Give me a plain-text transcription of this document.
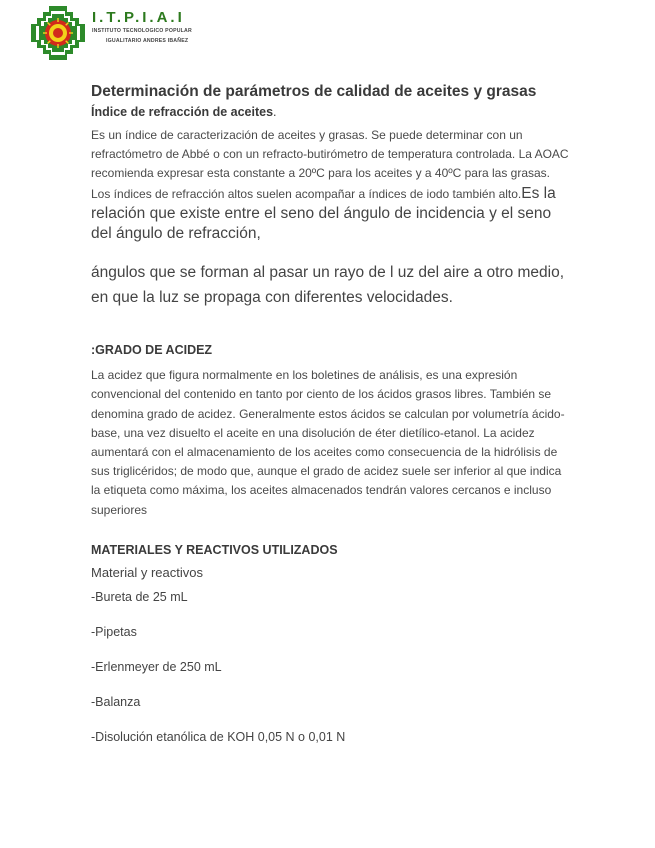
I.T.P.I.A.I
INSTITUTO TECNOLOGICO POPULAR
IGUALITARIO ANDRES IBAÑEZ
Determinación de parámetros de calidad de aceites y grasas

Índice de refracción de aceites.

Es un índice de caracterización de aceites y grasas. Se puede determinar con un refractómetro de Abbé o con un refracto-butirómetro de temperatura controlada. La AOAC recomienda expresar esta constante a 20ºC para los aceites y a 40ºC para las grasas. Los índices de refracción altos suelen acompañar a índices de iodo también alto.Es la relación que existe entre el seno del ángulo de incidencia y el seno del ángulo de refracción,

ángulos que se forman al pasar un rayo de l uz del aire a otro medio, en que la luz se propaga con diferentes velocidades.

:GRADO DE ACIDEZ

La acidez que figura normalmente en los boletines de análisis, es una expresión convencional del contenido en tanto por ciento de los ácidos grasos libres. También se denomina grado de acidez. Generalmente estos ácidos se calculan por volumetría ácido-base, una vez disuelto el aceite en una disolución de éter dietílico-etanol. La acidez aumentará con el almacenamiento de los aceites como consecuencia de la hidrólisis de sus triglicéridos; de modo que, aunque el grado de acidez suele ser inferior al que indica la etiqueta como máxima, los aceites almacenados tendrán valores cercanos e incluso superiores

MATERIALES Y REACTIVOS UTILIZADOS

Material y reactivos

-Bureta de 25 mL

-Pipetas

-Erlenmeyer de 250 mL

-Balanza

-Disolución etanólica de KOH 0,05 N o 0,01 N
